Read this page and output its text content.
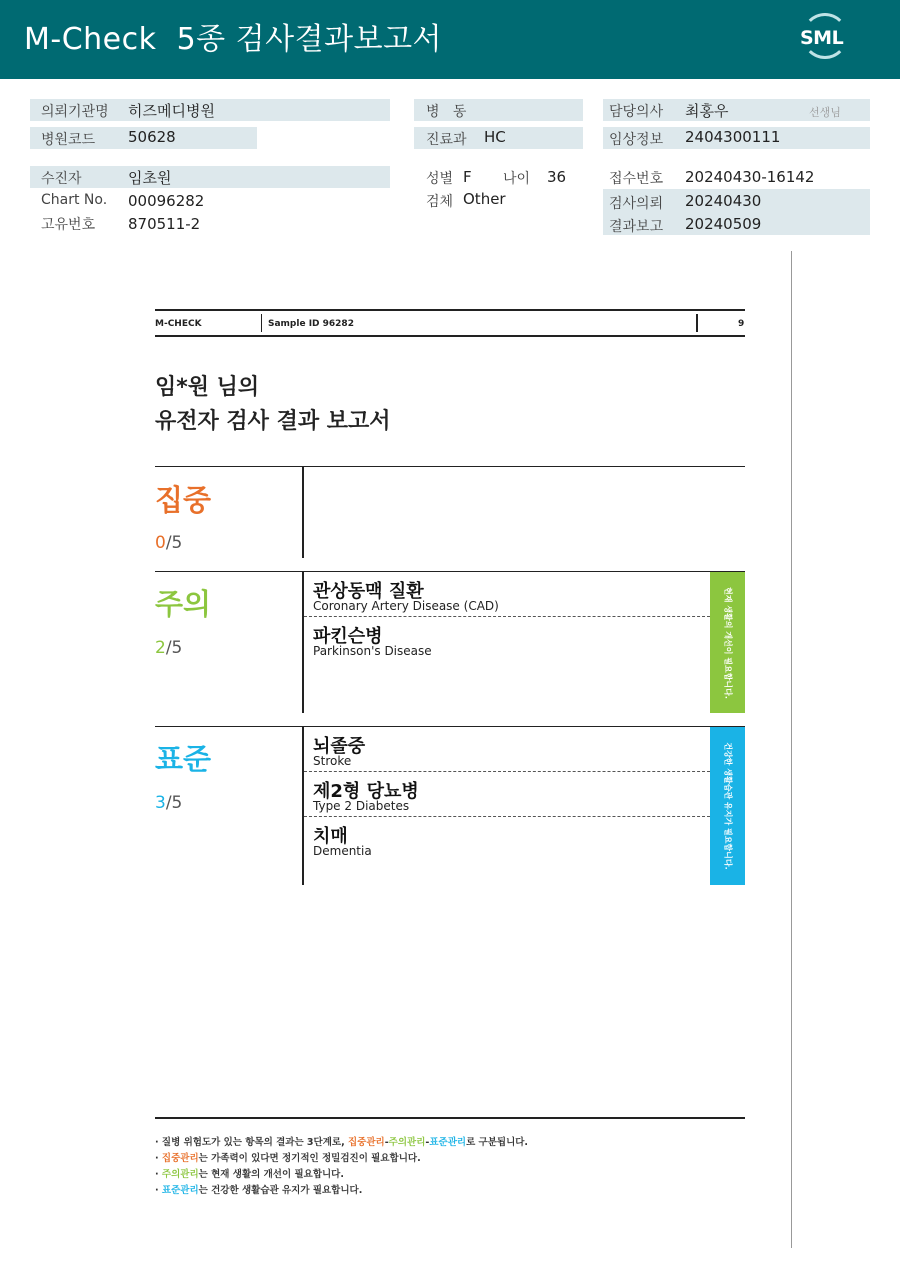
M-Check  5종 검사결과보고서	SML
의뢰기관명 히즈메디병원
병원코드 50628
수진자	임초원
Chart No. 00096282
고유번호 870511-2
병   동
진료과 HC
성별 F 나이 36
검체 Other
담당의사 최홍우	선생님
임상정보 2404300111
접수번호 20240430-16142
검사의뢰 20240430
결과보고 20240509
M-CHECK	Sample ID 96282	9
임*원 님의
유전자 검사 결과 보고서
집중
0/5
주의
2/5
관상동맥 질환
Coronary Artery Disease (CAD)
파킨슨병
Parkinson's Disease	현재 생활의 개선이 필요합니다.
표준
3/5
뇌졸중
Stroke
제2형 당뇨병
Type 2 Diabetes
치매
Dementia	건강한 생활습관 유지가 필요합니다.
· 질병 위험도가 있는 항목의 결과는 3단계로, 집중관리-주의관리-표준관리로 구분됩니다.
· 집중관리는 가족력이 있다면 정기적인 정밀검진이 필요합니다.
· 주의관리는 현재 생활의 개선이 필요합니다.
· 표준관리는 건강한 생활습관 유지가 필요합니다.
